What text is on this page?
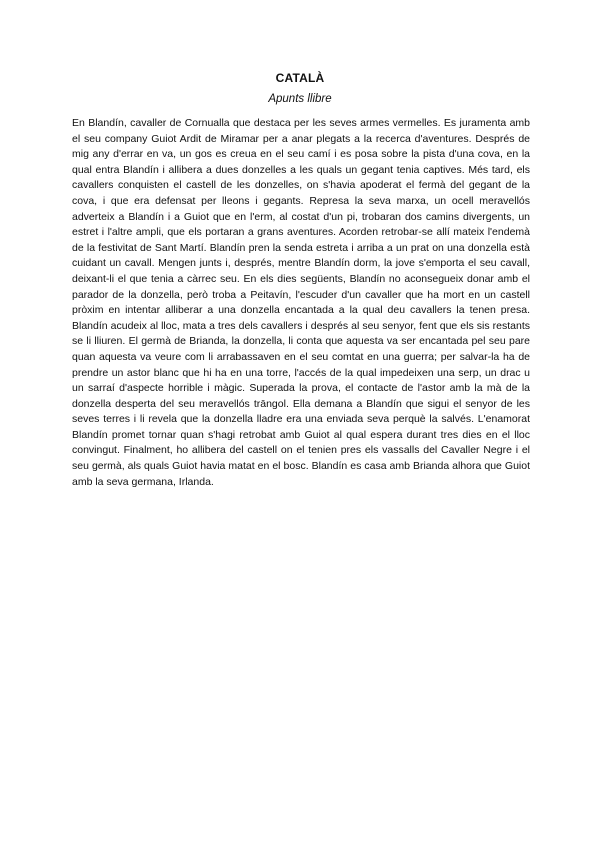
CATALÀ
Apunts llibre
En Blandín, cavaller de Cornualla que destaca per les seves armes vermelles. Es juramenta amb el seu company Guiot Ardit de Miramar per a anar plegats a la recerca d'aventures. Després de mig any d'errar en va, un gos es creua en el seu camí i es posa sobre la pista d'una cova, en la qual entra Blandín i allibera a dues donzelles a les quals un gegant tenia captives. Més tard, els cavallers conquisten el castell de les donzelles, on s'havia apoderat el fermà del gegant de la cova, i que era defensat per lleons i gegants. Represa la seva marxa, un ocell meravellós adverteix a Blandín i a Guiot que en l'erm, al costat d'un pi, trobaran dos camins divergents, un estret i l'altre ampli, que els portaran a grans aventures. Acorden retrobar-se allí mateix l'endemà de la festivitat de Sant Martí. Blandín pren la senda estreta i arriba a un prat on una donzella està cuidant un cavall. Mengen junts i, després, mentre Blandín dorm, la jove s'emporta el seu cavall, deixant-li el que tenia a càrrec seu. En els dies següents, Blandín no aconsegueix donar amb el parador de la donzella, però troba a Peitavín, l'escuder d'un cavaller que ha mort en un castell pròxim en intentar alliberar a una donzella encantada a la qual deu cavallers la tenen presa. Blandín acudeix al lloc, mata a tres dels cavallers i després al seu senyor, fent que els sis restants se li lliuren. El germà de Brianda, la donzella, li conta que aquesta va ser encantada pel seu pare quan aquesta va veure com li arrabassaven en el seu comtat en una guerra; per salvar-la ha de prendre un astor blanc que hi ha en una torre, l'accés de la qual impedeixen una serp, un drac u un sarraí d'aspecte horrible i màgic. Superada la prova, el contacte de l'astor amb la mà de la donzella desperta del seu meravellós trāngol. Ella demana a Blandín que sigui el senyor de les seves terres i li revela que la donzella lladre era una enviada seva perquè la salvés. L'enamorat Blandín promet tornar quan s'hagi retrobat amb Guiot al qual espera durant tres dies en el lloc convingut. Finalment, ho allibera del castell on el tenien pres els vassalls del Cavaller Negre i el seu germà, als quals Guiot havia matat en el bosc. Blandín es casa amb Brianda alhora que Guiot amb la seva germana, Irlanda.
